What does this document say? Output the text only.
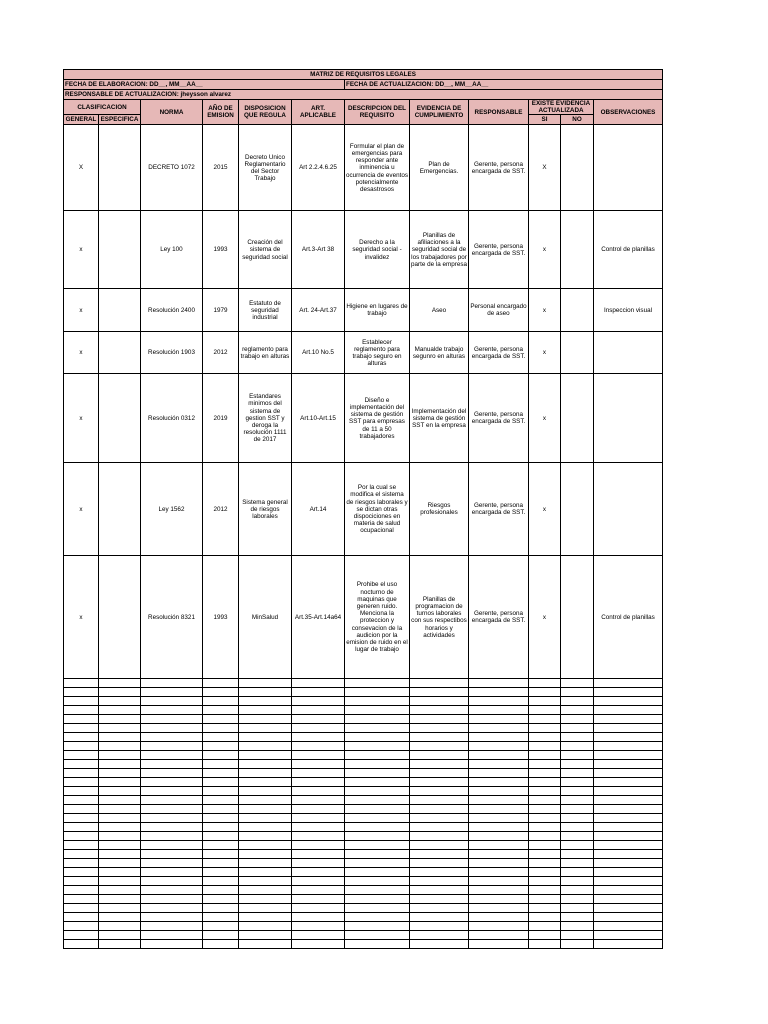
MATRIZ DE REQUISITOS LEGALES											
FECHA DE ELABORACION: DD__, MM__AA__						FECHA DE ACTUALIZACION: DD__, MM__AA__					
RESPONSABLE DE ACTUALIZACION: jheysson alvarez											
CLASIFICACION		NORMA	AÑO DE EMISION	DISPOSICION QUE REGULA	ART. APLICABLE	DESCRIPCION DEL REQUISITO	EVIDENCIA DE CUMPLIMIENTO	RESPONSABLE	EXISTE EVIDENCIA ACTUALIZADA		OBSERVACIONES
GENERAL	ESPECIFICA								SI	NO	
X		DECRETO 1072	2015	Decreto Unico Reglamentario del Sector Trabajo	Art 2.2.4.6.25	Formular el plan de emergencias para responder ante inminencia u ocurrencia de eventos potencialmente desastrosos	Plan de Emergencias.	Gerente, persona encargada de SST.	X		
x		Ley 100	1993	Creación del sistema de seguridad social	Art.3-Art 38	Derecho a la seguridad social - invalidez	Planillas de afiliaciones a la seguridad social de los trabajadores por parte de la empresa	Gerente, persona encargada de SST.	x		Control de planillas
x		Resolución 2400	1979	Estatuto de seguridad industrial	Art. 24-Art.37	Higiene en lugares de trabajo	Aseo	Personal encargado de aseo	x		Inspeccion visual
x		Resolución 1903	2012	reglamento para trabajo en alturas	Art.10 No.5	Establecer reglamento para trabajo seguro en alturas	Manualde trabajo segunro en alturas	Gerente, persona encargada de SST.	x		
x		Resolución 0312	2019	Estandares minimos del sistema de gestion SST y deroga la resolución 1111 de 2017	Art.10-Art.15	Diseño e implementación del sistema de gestión SST para empresas de 11 a 50 trabajadores	Implementación del sistema de gestión SST en la empresa	Gerente, persona encargada de SST.	x		
x		Ley 1562	2012	Sistema general de riesgos laborales	Art.14	Por la cual se modifica el sistema de riesgos laborales y se dictan otras dispociciones en materia de salud ocupacional	Riesgos profesionales	Gerente, persona encargada de SST.	x		
x		Resolución 8321	1993	MinSalud	Art.35-Art.14a64	Prohibe el uso nocturno de maquinas que generen ruido. Menciona la proteccion y consevacion de la audicion por la emision de ruido en el lugar de trabajo	Planillas de programacion de turnos laborales con sus respectibos horarios y actividades	Gerente, persona encargada de SST.	x		Control de planillas
